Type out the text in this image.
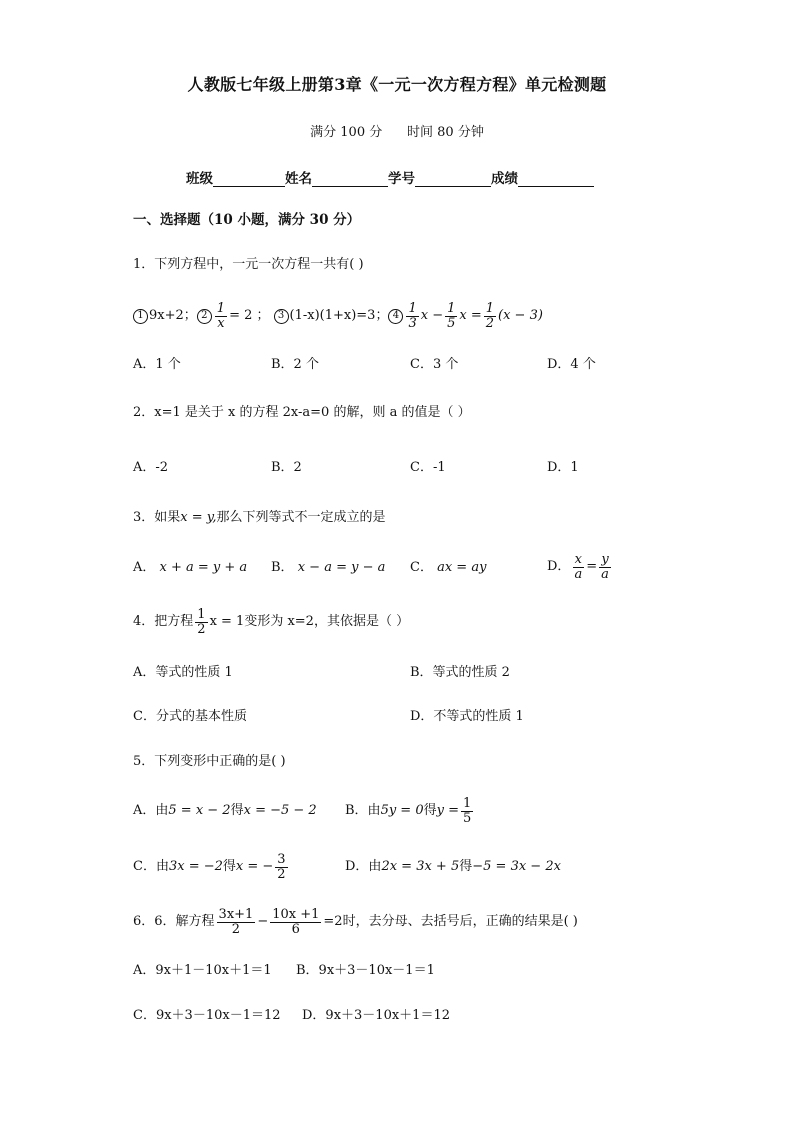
人教版七年级上册第3章《一元一次方程方程》单元检测题
满分 100 分      时间 80 分钟
班级	姓名	学号	成绩
一、选择题（10 小题，满分 30 分）
1．下列方程中，一元一次方程一共有( )
1 9x+2； $2 \frac{1}{x} = 2$ ； 3 (1-x)(1+x)=3； $4 \frac{1}{3}$ $x - \frac{1}{5}$ $x = \frac{1}{2} (x - 3)$
A．1 个	B．2 个	C．3 个	D．4 个
2．x=1 是关于 x 的方程 2x-a=0 的解，则 a 的值是（ ）
A．-2	B．2	C．-1	D．1
3．如果x = y,那么下列等式不一定成立的是
A． x + a = y + a B． x − a = y − a C． ax = ay	D． $\frac{x}{a} = \frac{y}{a}$
4．把方程 $\frac{1}{2}$ x = 1 变形为 x=2，其依据是（ ）
A．等式的性质 1	B．等式的性质 2
C．分式的基本性质	D．不等式的性质 1
5．下列变形中正确的是( )
A．由5 = x − 2得x = −5 − 2 B．由 5y = 0 得 $y = \frac{1}{5}$
C．由 3x = −2 得 x = − $\frac{3}{2}$	D．由2x = 3x + 5得−5 = 3x − 2x
6．6．解方程 $\frac{3x+1}{2} - \frac{10x +1}{6} =2$时，去分母、去括号后，正确的结果是( )
A．9x＋1－10x＋1＝1 B．9x＋3－10x－1＝1
C．9x＋3－10x－1＝12 D．9x＋3－10x＋1＝12
